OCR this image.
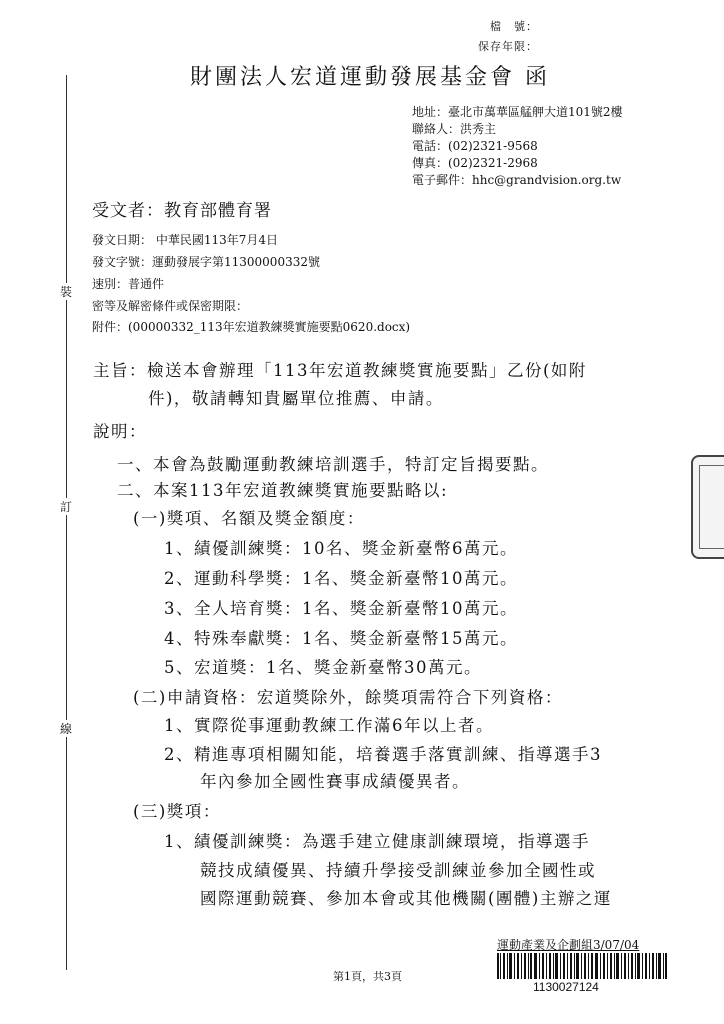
檔　號：
保存年限：
裝
訂
線
財團法人宏道運動發展基金會 函
地址：臺北市萬華區艋舺大道101號2樓
聯絡人：洪秀主
電話：(02)2321-9568
傳真：(02)2321-2968
電子郵件：hhc@grandvision.org.tw
受文者：教育部體育署
發文日期： 中華民國113年7月4日
發文字號：運動發展字第11300000332號
速別：普通件
密等及解密條件或保密期限：
附件：(00000332_113年宏道教練獎實施要點0620.docx)
主旨：檢送本會辦理「113年宏道教練獎實施要點」乙份(如附
件)，敬請轉知貴屬單位推薦、申請。
說明：
一、本會為鼓勵運動教練培訓選手，特訂定旨揭要點。
二、本案113年宏道教練獎實施要點略以:
(一)獎項、名額及獎金額度：
1、績優訓練獎：10名、獎金新臺幣6萬元。
2、運動科學獎：1名、獎金新臺幣10萬元。
3、全人培育獎：1名、獎金新臺幣10萬元。
4、特殊奉獻獎：1名、獎金新臺幣15萬元。
5、宏道獎：1名、獎金新臺幣30萬元。
(二)申請資格：宏道獎除外，餘獎項需符合下列資格：
1、實際從事運動教練工作滿6年以上者。
2、精進專項相關知能，培養選手落實訓練、指導選手3
年內參加全國性賽事成績優異者。
(三)獎項：
1、績優訓練獎：為選手建立健康訓練環境，指導選手
競技成績優異、持續升學接受訓練並參加全國性或
國際運動競賽、參加本會或其他機關(團體)主辦之運
運動產業及企劃組3/07/04
1130027124
第1頁，共3頁
